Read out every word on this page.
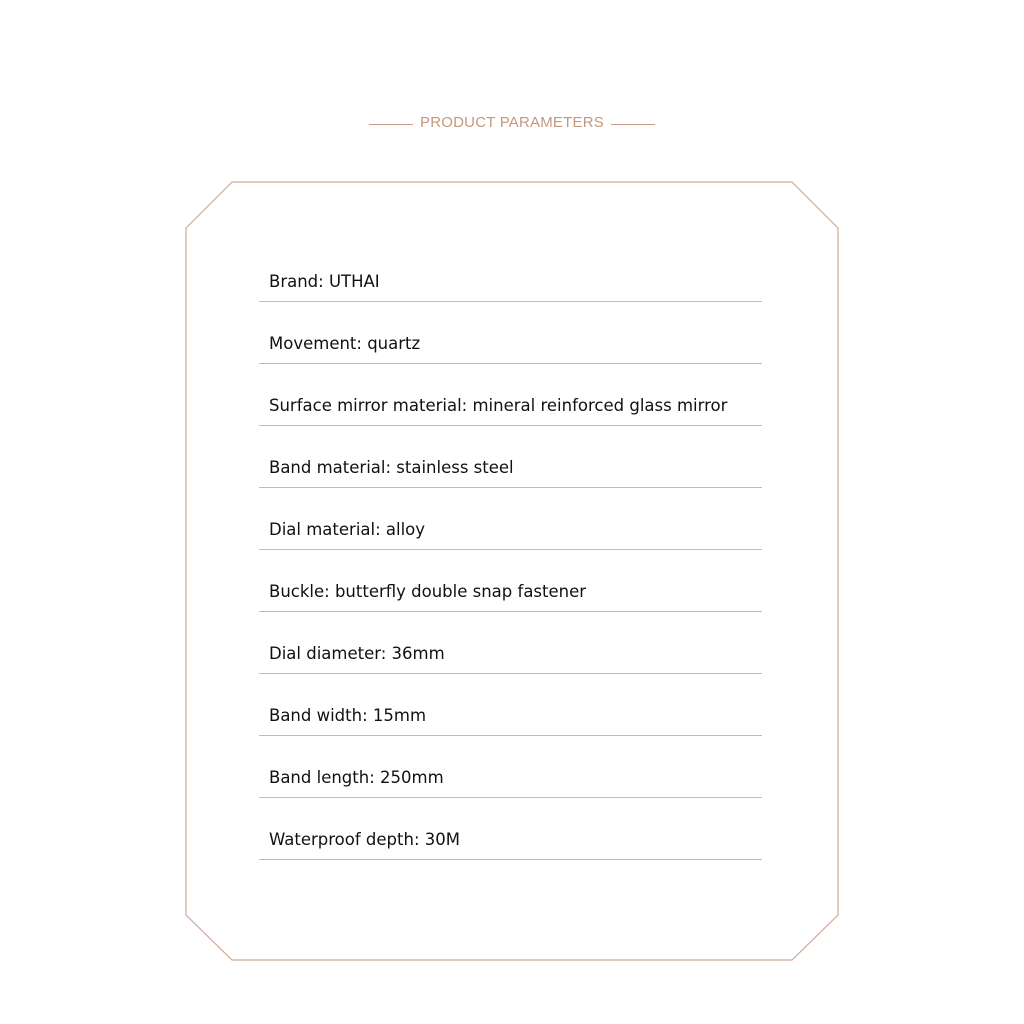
PRODUCT PARAMETERS
Brand: UTHAI
Movement: quartz
Surface mirror material: mineral reinforced glass mirror
Band material: stainless steel
Dial material: alloy
Buckle: butterfly double snap fastener
Dial diameter: 36mm
Band width: 15mm
Band length: 250mm
Waterproof depth: 30M
